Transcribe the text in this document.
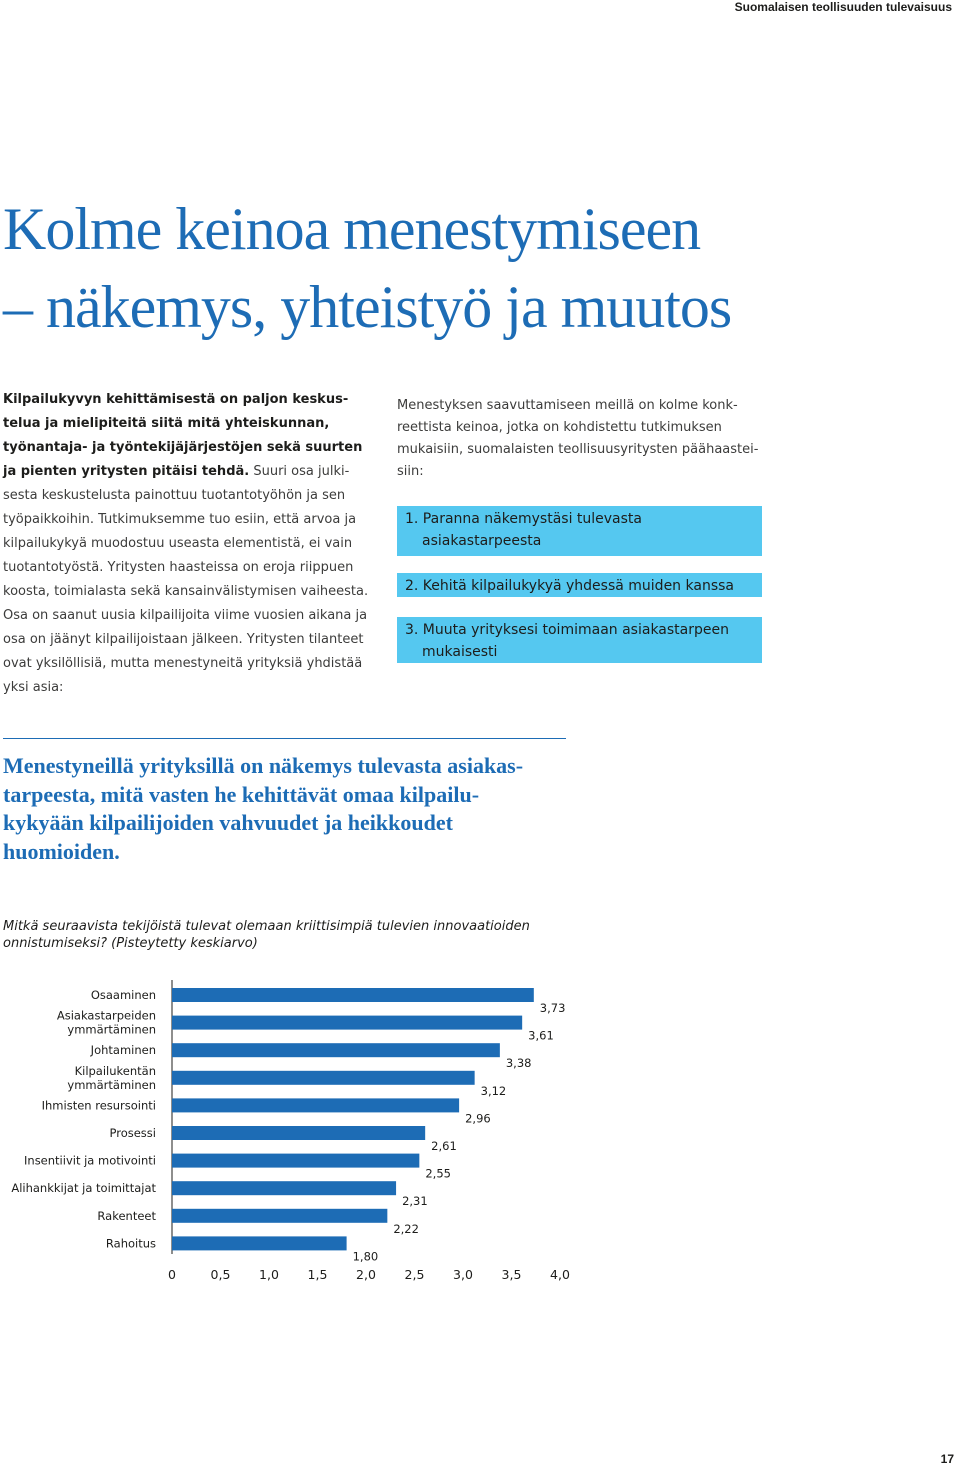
Suomalaisen teollisuuden tulevaisuus
Kolme keinoa menestymiseen
– näkemys, yhteistyö ja muutos
Kilpailukyvyn kehittämisestä on paljon keskus-
telua ja mielipiteitä siitä mitä yhteiskunnan,
työnantaja- ja työntekijäjärjestöjen sekä suurten
ja pienten yritysten pitäisi tehdä. Suuri osa julki-
sesta keskustelusta painottuu tuotantotyöhön ja sen
työpaikkoihin. Tutkimuksemme tuo esiin, että arvoa ja
kilpailukykyä muodostuu useasta elementistä, ei vain
tuotantotyöstä. Yritysten haasteissa on eroja riippuen
koosta, toimialasta sekä kansainvälistymisen vaiheesta.
Osa on saanut uusia kilpailijoita viime vuosien aikana ja
osa on jäänyt kilpailijoistaan jälkeen. Yritysten tilanteet
ovat yksilöllisiä, mutta menestyneitä yrityksiä yhdistää
yksi asia:
Menestyksen saavuttamiseen meillä on kolme konk-
reettista keinoa, jotka on kohdistettu tutkimuksen
mukaisiin, suomalaisten teollisuusyritysten päähaastei-
siin:
1. Paranna näkemystäsi tulevasta
asiakastarpeesta
2. Kehitä kilpailukykyä yhdessä muiden kanssa
3. Muuta yrityksesi toimimaan asiakastarpeen
mukaisesti
Menestyneillä yrityksillä on näkemys tulevasta asiakas-
tarpeesta, mitä vasten he kehittävät omaa kilpailu-
kykyään kilpailijoiden vahvuudet ja heikkoudet
huomioiden.
Mitkä seuraavista tekijöistä tulevat olemaan kriittisimpiä tulevien innovaatioiden
onnistumiseksi? (Pisteytetty keskiarvo)
3,73
Osaaminen
3,61
Asiakastarpeiden
ymmärtäminen
3,38
Johtaminen
3,12
Kilpailukentän
ymmärtäminen
2,96
Ihmisten resursointi
2,61
Prosessi
2,55
Insentiivit ja motivointi
2,31
Alihankkijat ja toimittajat
2,22
Rakenteet
1,80
Rahoitus
0	0,5 1,0 1,5 2,0 2,5 3,0 3,5 4,0
17
